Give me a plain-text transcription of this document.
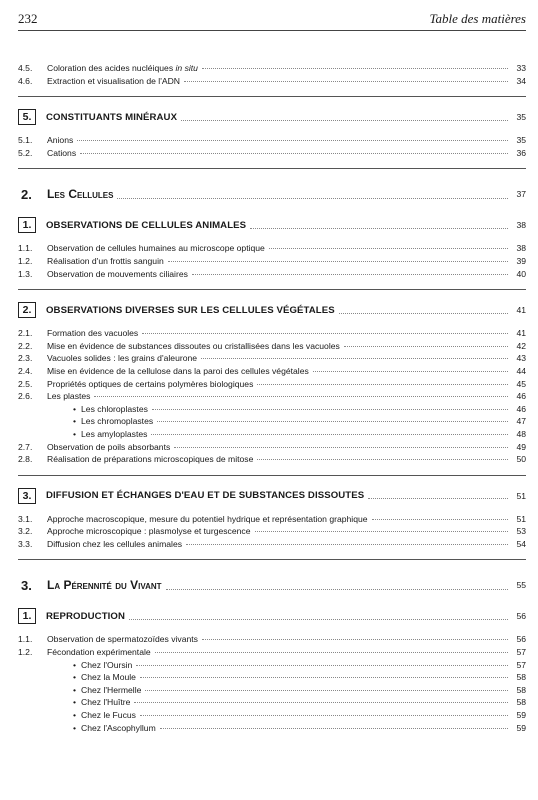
232	Table des matières
4.5.	Coloration des acides nucléiques in situ	33
4.6.	Extraction et visualisation de l'ADN	34
5.	CONSTITUANTS MINÉRAUX	35
5.1.	Anions	35
5.2.	Cations	36
2.	Les Cellules	37
1.	OBSERVATIONS DE CELLULES ANIMALES	38
1.1.	Observation de cellules humaines au microscope optique	38
1.2.	Réalisation d'un frottis sanguin	39
1.3.	Observation de mouvements ciliaires	40
2.	OBSERVATIONS DIVERSES SUR LES CELLULES VÉGÉTALES	41
2.1.	Formation des vacuoles	41
2.2.	Mise en évidence de substances dissoutes ou cristallisées dans les vacuoles	42
2.3.	Vacuoles solides : les grains d'aleurone	43
2.4.	Mise en évidence de la cellulose dans la paroi des cellules végétales	44
2.5.	Propriétés optiques de certains polymères biologiques	45
2.6.	Les plastes	46
• Les chloroplastes	46
• Les chromoplastes	47
• Les amyloplastes	48
2.7.	Observation de poils absorbants	49
2.8.	Réalisation de préparations microscopiques de mitose	50
3.	DIFFUSION ET ÉCHANGES D'EAU ET DE SUBSTANCES DISSOUTES	51
3.1.	Approche macroscopique, mesure du potentiel hydrique et représentation graphique	51
3.2.	Approche microscopique : plasmolyse et turgescence	53
3.3.	Diffusion chez les cellules animales	54
3.	La Pérennité du Vivant	55
1.	REPRODUCTION	56
1.1.	Observation de spermatozoïdes vivants	56
1.2.	Fécondation expérimentale	57
• Chez l'Oursin	57
• Chez la Moule	58
• Chez l'Hermelle	58
• Chez l'Huître	58
• Chez le Fucus	59
• Chez l'Ascophyllum	59
